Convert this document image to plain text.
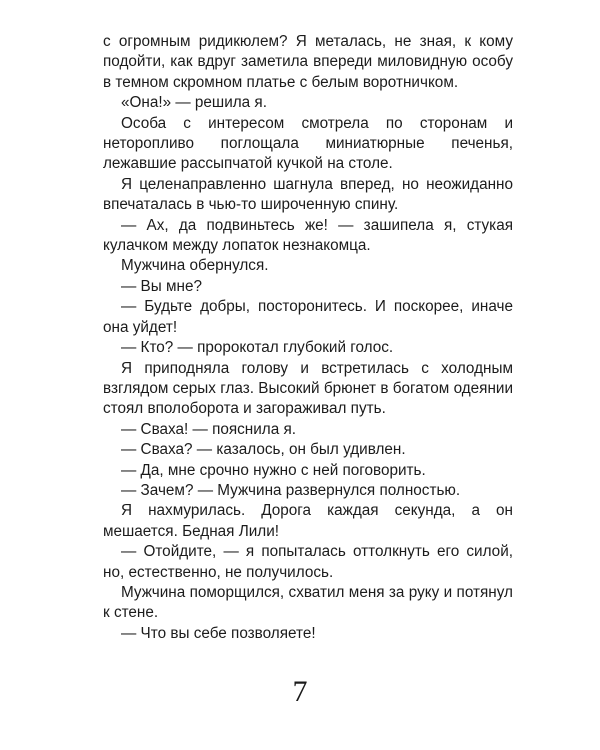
с огромным ридикюлем? Я металась, не зная, к кому подойти, как вдруг заметила впереди миловидную особу в темном скромном платье с белым воротничком.

«Она!» — решила я.

Особа с интересом смотрела по сторонам и неторопливо поглощала миниатюрные печенья, лежавшие рассыпчатой кучкой на столе.

Я целенаправленно шагнула вперед, но неожиданно впечаталась в чью-то широченную спину.

— Ах, да подвиньтесь же! — зашипела я, стукая кулачком между лопаток незнакомца.

Мужчина обернулся.

— Вы мне?

— Будьте добры, посторонитесь. И поскорее, иначе она уйдет!

— Кто? — пророкотал глубокий голос.

Я приподняла голову и встретилась с холодным взглядом серых глаз. Высокий брюнет в богатом одеянии стоял вполоборота и загораживал путь.

— Сваха! — пояснила я.

— Сваха? — казалось, он был удивлен.

— Да, мне срочно нужно с ней поговорить.

— Зачем? — Мужчина развернулся полностью.

Я нахмурилась. Дорога каждая секунда, а он мешается. Бедная Лили!

— Отойдите, — я попыталась оттолкнуть его силой, но, естественно, не получилось.

Мужчина поморщился, схватил меня за руку и потянул к стене.

— Что вы себе позволяете!

7
